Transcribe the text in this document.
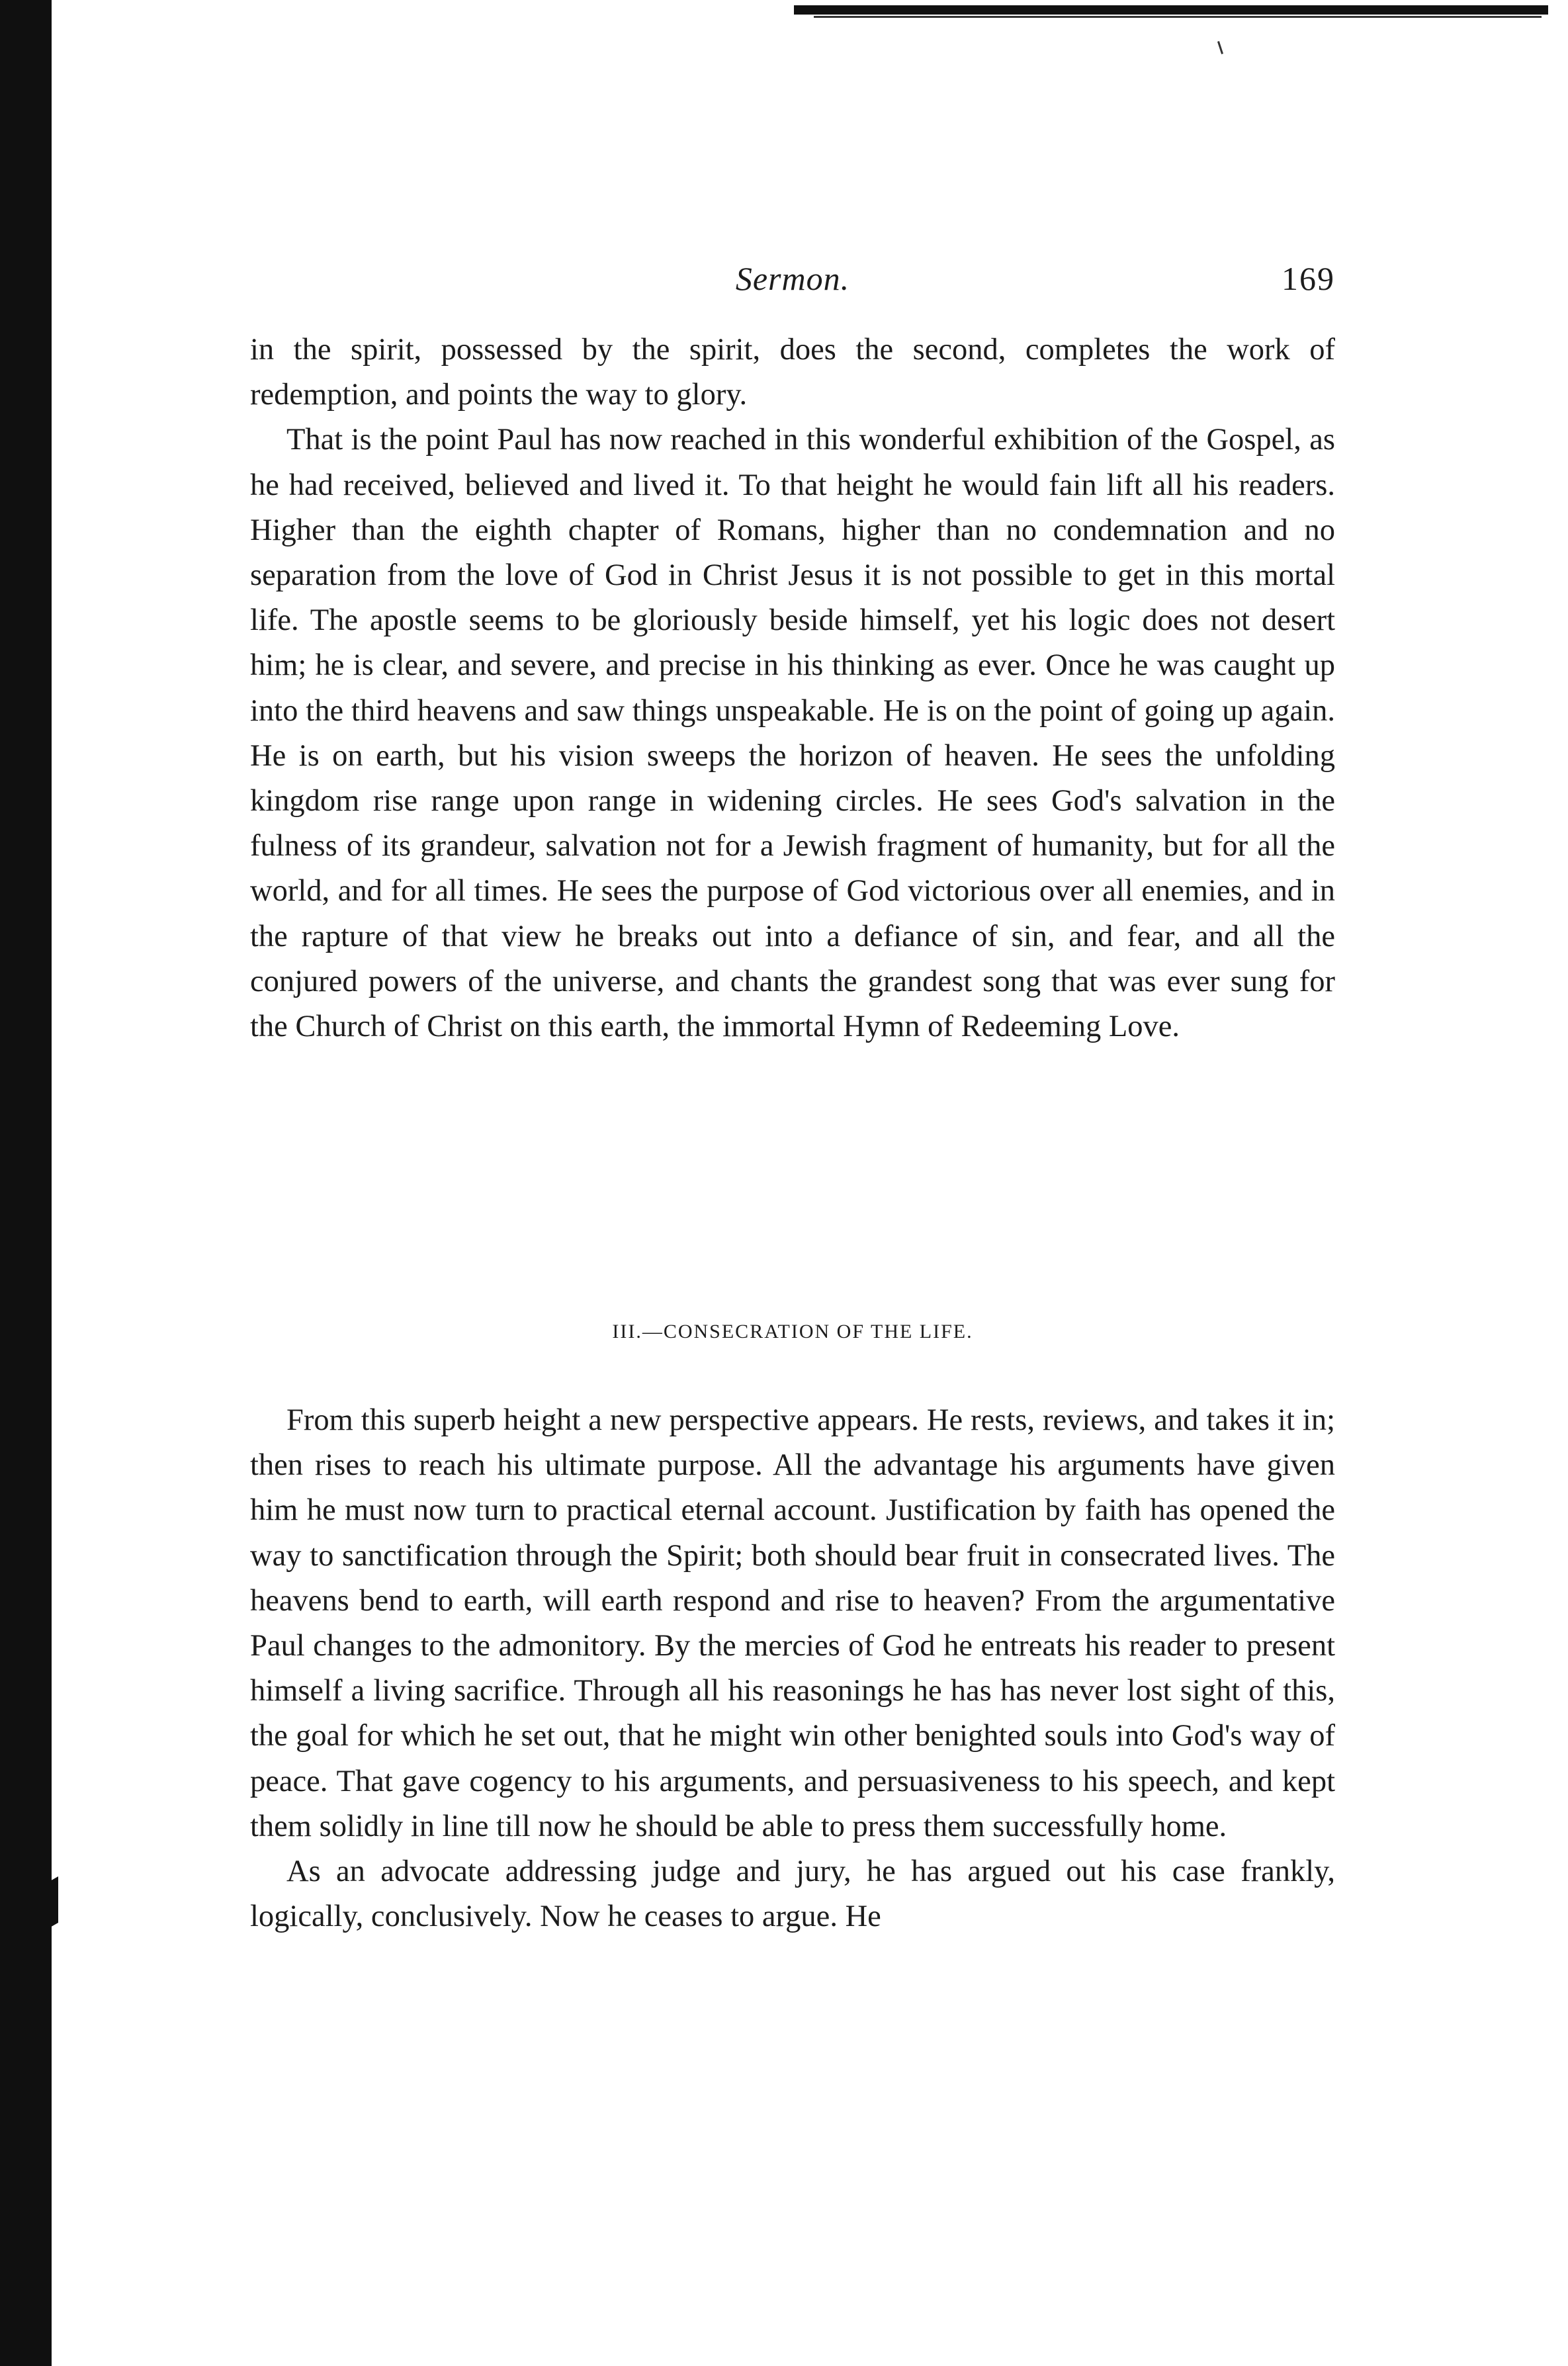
Sermon.	169

in the spirit, possessed by the spirit, does the second, completes the work of redemption, and points the way to glory.

That is the point Paul has now reached in this wonderful exhibition of the Gospel, as he had received, believed and lived it. To that height he would fain lift all his readers. Higher than the eighth chapter of Romans, higher than no condemnation and no separation from the love of God in Christ Jesus it is not possible to get in this mortal life. The apostle seems to be gloriously beside himself, yet his logic does not desert him; he is clear, and severe, and precise in his thinking as ever. Once he was caught up into the third heavens and saw things unspeakable. He is on the point of going up again. He is on earth, but his vision sweeps the horizon of heaven. He sees the unfolding kingdom rise range upon range in widening circles. He sees God's salvation in the fulness of its grandeur, salvation not for a Jewish fragment of humanity, but for all the world, and for all times. He sees the purpose of God victorious over all enemies, and in the rapture of that view he breaks out into a defiance of sin, and fear, and all the conjured powers of the universe, and chants the grandest song that was ever sung for the Church of Christ on this earth, the immortal Hymn of Redeeming Love.

III.—CONSECRATION OF THE LIFE.

From this superb height a new perspective appears. He rests, reviews, and takes it in; then rises to reach his ultimate purpose. All the advantage his arguments have given him he must now turn to practical eternal account. Justification by faith has opened the way to sanctification through the Spirit; both should bear fruit in consecrated lives. The heavens bend to earth, will earth respond and rise to heaven? From the argumentative Paul changes to the admonitory. By the mercies of God he entreats his reader to present himself a living sacrifice. Through all his reasonings he has has never lost sight of this, the goal for which he set out, that he might win other benighted souls into God's way of peace. That gave cogency to his arguments, and persuasiveness to his speech, and kept them solidly in line till now he should be able to press them successfully home.

As an advocate addressing judge and jury, he has argued out his case frankly, logically, conclusively. Now he ceases to argue. He
